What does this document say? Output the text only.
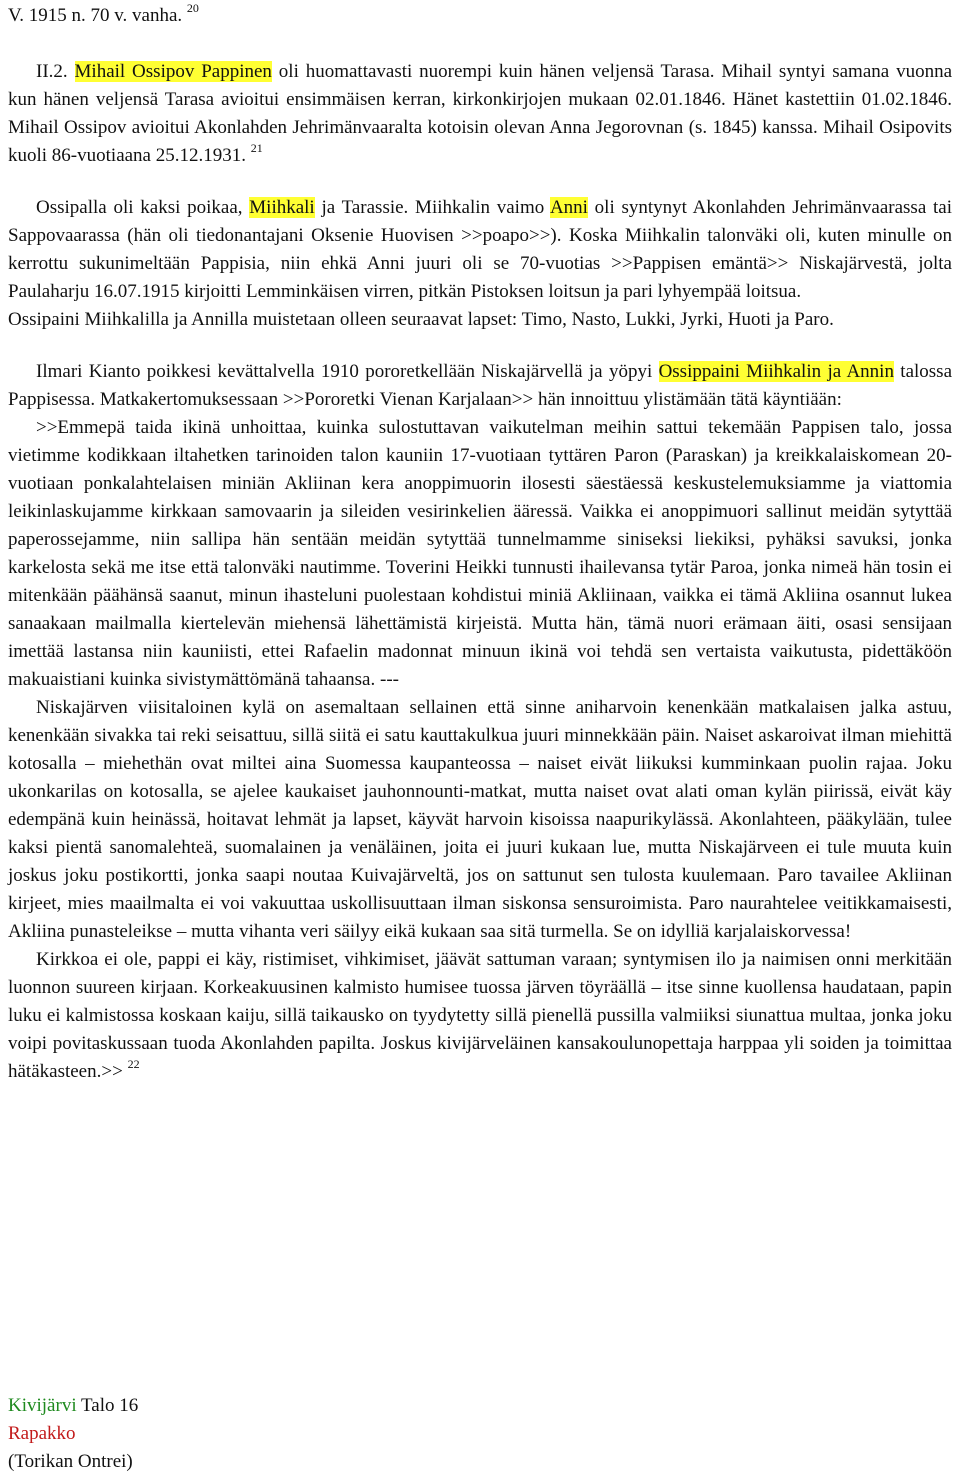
V. 1915 n. 70 v. vanha. $^{20}$

II.2. Mihail Ossipov Pappinen oli huomattavasti nuorempi kuin hänen veljensä Tarasa. Mihail syntyi samana vuonna kun hänen veljensä Tarasa avioitui ensimmäisen kerran, kirkonkirjojen mukaan 02.01.1846. Hänet kastettiin 01.02.1846. Mihail Ossipov avioitui Akonlahden Jehrimänvaaralta kotoisin olevan Anna Jegorovnan (s. 1845) kanssa. Mihail Osipovits kuoli 86-vuotiaana 25.12.1931. $^{21}$

Ossipalla oli kaksi poikaa, Miihkali ja Tarassie. Miihkalin vaimo Anni oli syntynyt Akonlahden Jehrimänvaarassa tai Sappovaarassa (hän oli tiedonantajani Oksenie Huovisen >>poapo>>). Koska Miihkalin talonväki oli, kuten minulle on kerrottu sukunimeltään Pappisia, niin ehkä Anni juuri oli se 70-vuotias >>Pappisen emäntä>> Niskajärvestä, jolta Paulaharju 16.07.1915 kirjoitti Lemminkäisen virren, pitkän Pistoksen loitsun ja pari lyhyempää loitsua.

Ossipaini Miihkalilla ja Annilla muistetaan olleen seuraavat lapset: Timo, Nasto, Lukki, Jyrki, Huoti ja Paro.

Ilmari Kianto poikkesi kevättalvella 1910 pororetkellään Niskajärvellä ja yöpyi Ossippaini Miihkalin ja Annin talossa Pappisessa. Matkakertomuksessaan >>Pororetki Vienan Karjalaan>> hän innoittuu ylistämään tätä käyntiään:

>>Emmepä taida ikinä unhoittaa, kuinka sulostuttavan vaikutelman meihin sattui tekemään Pappisen talo, jossa vietimme kodikkaan iltahetken tarinoiden talon kauniin 17-vuotiaan tyttären Paron (Paraskan) ja kreikkalaiskomean 20-vuotiaan ponkalahtelaisen miniän Akliinan kera anoppimuorin ilosesti säestäessä keskustelemuksiamme ja viattomia leikinlaskujamme kirkkaan samovaarin ja sileiden vesirinkelien ääressä. Vaikka ei anoppimuori sallinut meidän sytyttää paperossejamme, niin sallipa hän sentään meidän sytyttää tunnelmamme siniseksi liekiksi, pyhäksi savuksi, jonka karkelosta sekä me itse että talonväki nautimme. Toverini Heikki tunnusti ihailevansa tytär Paroa, jonka nimeä hän tosin ei mitenkään päähänsä saanut, minun ihasteluni puolestaan kohdistui miniä Akliinaan, vaikka ei tämä Akliina osannut lukea sanaakaan mailmalla kiertelevän miehensä lähettämistä kirjeistä. Mutta hän, tämä nuori erämaan äiti, osasi sensijaan imettää lastansa niin kauniisti, ettei Rafaelin madonnat minuun ikinä voi tehdä sen vertaista vaikutusta, pidettäköön makuaistiani kuinka sivistymättömänä tahaansa. ---

Niskajärven viisitaloinen kylä on asemaltaan sellainen että sinne aniharvoin kenenkään matkalaisen jalka astuu, kenenkään sivakka tai reki seisattuu, sillä siitä ei satu kauttakulkua juuri minnekkään päin. Naiset askaroivat ilman miehittä kotosalla – miehethän ovat miltei aina Suomessa kaupanteossa – naiset eivät liikuksi kumminkaan puolin rajaa. Joku ukonkarilas on kotosalla, se ajelee kaukaiset jauhonnounti-matkat, mutta naiset ovat alati oman kylän piirissä, eivät käy edempänä kuin heinässä, hoitavat lehmät ja lapset, käyvät harvoin kisoissa naapurikylässä. Akonlahteen, pääkylään, tulee kaksi pientä sanomalehteä, suomalainen ja venäläinen, joita ei juuri kukaan lue, mutta Niskajärveen ei tule muuta kuin joskus joku postikortti, jonka saapi noutaa Kuivajärveltä, jos on sattunut sen tulosta kuulemaan. Paro tavailee Akliinan kirjeet, mies maailmalta ei voi vakuuttaa uskollisuuttaan ilman siskonsa sensuroimista. Paro naurahtelee veitikkamaisesti, Akliina punasteleikse – mutta vihanta veri säilyy eikä kukaan saa sitä turmella. Se on idylliä karjalaiskorvessa!

Kirkkoa ei ole, pappi ei käy, ristimiset, vihkimiset, jäävät sattuman varaan; syntymisen ilo ja naimisen onni merkitään luonnon suureen kirjaan. Korkeakuusinen kalmisto humisee tuossa järven töyräällä – itse sinne kuollensa haudataan, papin luku ei kalmistossa koskaan kaiju, sillä taikausko on tyydytetty sillä pienellä pussilla valmiiksi siunattua multaa, jonka joku voipi povitaskussaan tuoda Akonlahden papilta. Joskus kivijärveläinen kansakoulunopettaja harppaa yli soiden ja toimittaa hätäkasteen.>> $^{22}$

Kivijärvi Talo 16
Rapakko
(Torikan Ontrei)
